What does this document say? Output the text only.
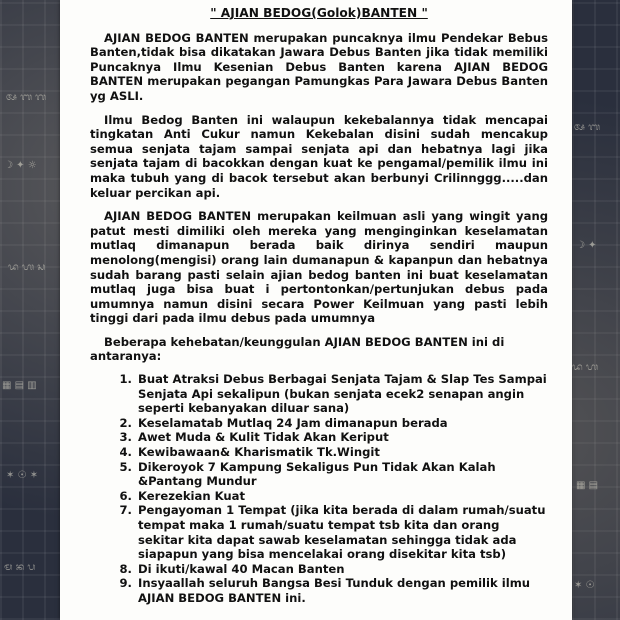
ᬅ ᬩ ᬕ
☽ ✦ ☼
ᬤ ᬳ ᬲ
▦ ▤ ▥
✶ ☉ ✶
ᬫ ᬦ ᬧ
ᬅ ᬩ
☽ ✦
ᬤ ᬳ
▦ ▤
✶ ☉
" AJIAN BEDOG(Golok)BANTEN "

AJIAN BEDOG BANTEN merupakan puncaknya ilmu Pendekar Bebus Banten,tidak bisa dikatakan Jawara Debus Banten jika tidak memiliki Puncaknya Ilmu Kesenian Debus Banten karena AJIAN BEDOG BANTEN merupakan pegangan Pamungkas Para Jawara Debus Banten yg ASLI.

Ilmu Bedog Banten ini walaupun kekebalannya tidak mencapai tingkatan Anti Cukur namun Kekebalan disini sudah mencakup semua senjata tajam sampai senjata api dan hebatnya lagi jika senjata tajam di bacokkan dengan kuat ke pengamal/pemilik ilmu ini maka tubuh yang di bacok tersebut akan berbunyi Crilinnggg.....dan keluar percikan api.

AJIAN BEDOG BANTEN merupakan keilmuan asli yang wingit yang patut mesti dimiliki oleh mereka yang menginginkan keselamatan mutlaq dimanapun berada baik dirinya sendiri maupun menolong(mengisi) orang lain dumanapun & kapanpun dan hebatnya sudah barang pasti selain ajian bedog banten ini buat keselamatan mutlaq juga bisa buat i pertontonkan/pertunjukan debus pada umumnya namun disini secara Power Keilmuan yang pasti lebih tinggi dari pada ilmu debus pada umumnya

Beberapa kehebatan/keunggulan AJIAN BEDOG BANTEN ini di antaranya:

1. Buat Atraksi Debus Berbagai Senjata Tajam & Slap Tes Sampai Senjata Api sekalipun (bukan senjata ecek2 senapan angin seperti kebanyakan diluar sana)
2. Keselamatab Mutlaq 24 Jam dimanapun berada
3. Awet Muda & Kulit Tidak Akan Keriput
4. Kewibawaan& Kharismatik Tk.Wingit
5. Dikeroyok 7 Kampung Sekaligus Pun Tidak Akan Kalah &Pantang Mundur
6. Kerezekian Kuat
7. Pengayoman 1 Tempat (jika kita berada di dalam rumah/suatu tempat maka 1 rumah/suatu tempat tsb kita dan orang sekitar kita dapat sawab keselamatan sehingga tidak ada siapapun yang bisa mencelakai orang disekitar kita tsb)
8. Di ikuti/kawal 40 Macan Banten
9. Insyaallah seluruh Bangsa Besi Tunduk dengan pemilik ilmu AJIAN BEDOG BANTEN ini.
